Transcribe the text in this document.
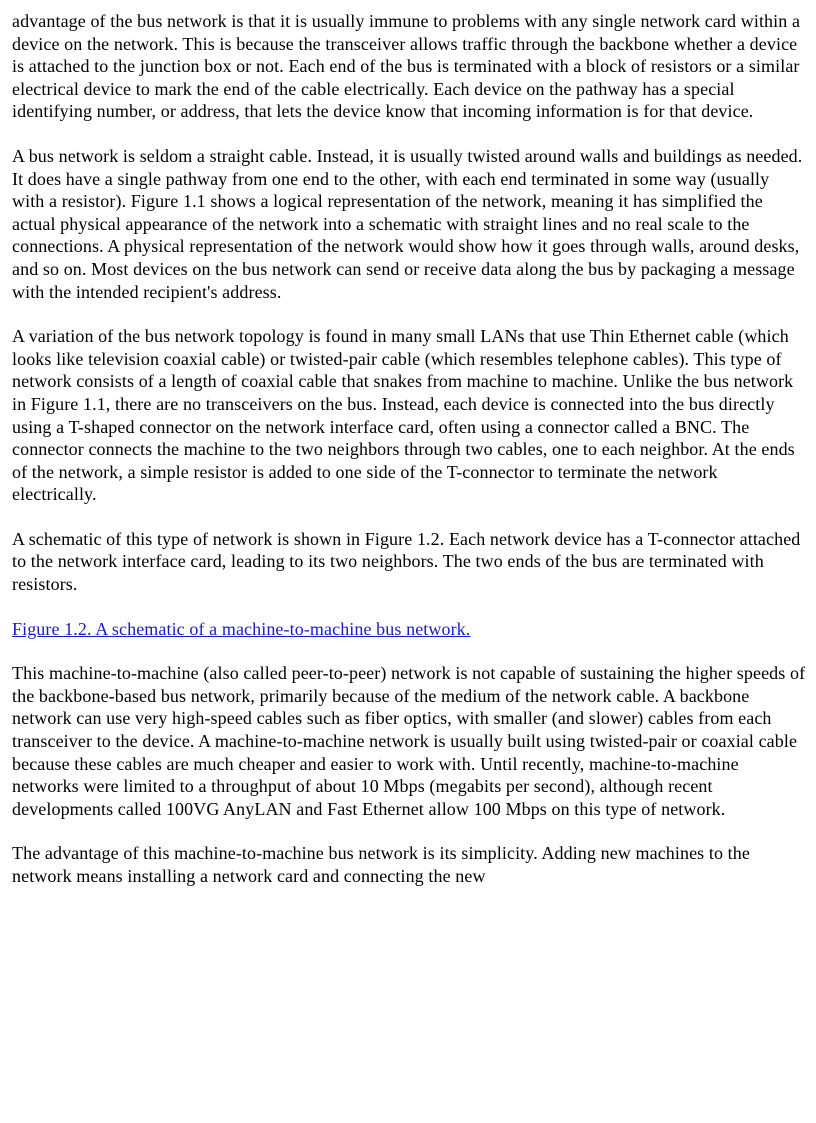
advantage of the bus network is that it is usually immune to problems with any single network card within a device on the network. This is because the transceiver allows traffic through the backbone whether a device is attached to the junction box or not. Each end of the bus is terminated with a block of resistors or a similar electrical device to mark the end of the cable electrically. Each device on the pathway has a special identifying number, or address, that lets the device know that incoming information is for that device.

A bus network is seldom a straight cable. Instead, it is usually twisted around walls and buildings as needed. It does have a single pathway from one end to the other, with each end terminated in some way (usually with a resistor). Figure 1.1 shows a logical representation of the network, meaning it has simplified the actual physical appearance of the network into a schematic with straight lines and no real scale to the connections. A physical representation of the network would show how it goes through walls, around desks, and so on. Most devices on the bus network can send or receive data along the bus by packaging a message with the intended recipient's address.

A variation of the bus network topology is found in many small LANs that use Thin Ethernet cable (which looks like television coaxial cable) or twisted-pair cable (which resembles telephone cables). This type of network consists of a length of coaxial cable that snakes from machine to machine. Unlike the bus network in Figure 1.1, there are no transceivers on the bus. Instead, each device is connected into the bus directly using a T-shaped connector on the network interface card, often using a connector called a BNC. The connector connects the machine to the two neighbors through two cables, one to each neighbor. At the ends of the network, a simple resistor is added to one side of the T-connector to terminate the network electrically.

A schematic of this type of network is shown in Figure 1.2. Each network device has a T-connector attached to the network interface card, leading to its two neighbors. The two ends of the bus are terminated with resistors.

Figure 1.2. A schematic of a machine-to-machine bus network.

This machine-to-machine (also called peer-to-peer) network is not capable of sustaining the higher speeds of the backbone-based bus network, primarily because of the medium of the network cable. A backbone network can use very high-speed cables such as fiber optics, with smaller (and slower) cables from each transceiver to the device. A machine-to-machine network is usually built using twisted-pair or coaxial cable because these cables are much cheaper and easier to work with. Until recently, machine-to-machine networks were limited to a throughput of about 10 Mbps (megabits per second), although recent developments called 100VG AnyLAN and Fast Ethernet allow 100 Mbps on this type of network.

The advantage of this machine-to-machine bus network is its simplicity. Adding new machines to the network means installing a network card and connecting the new
